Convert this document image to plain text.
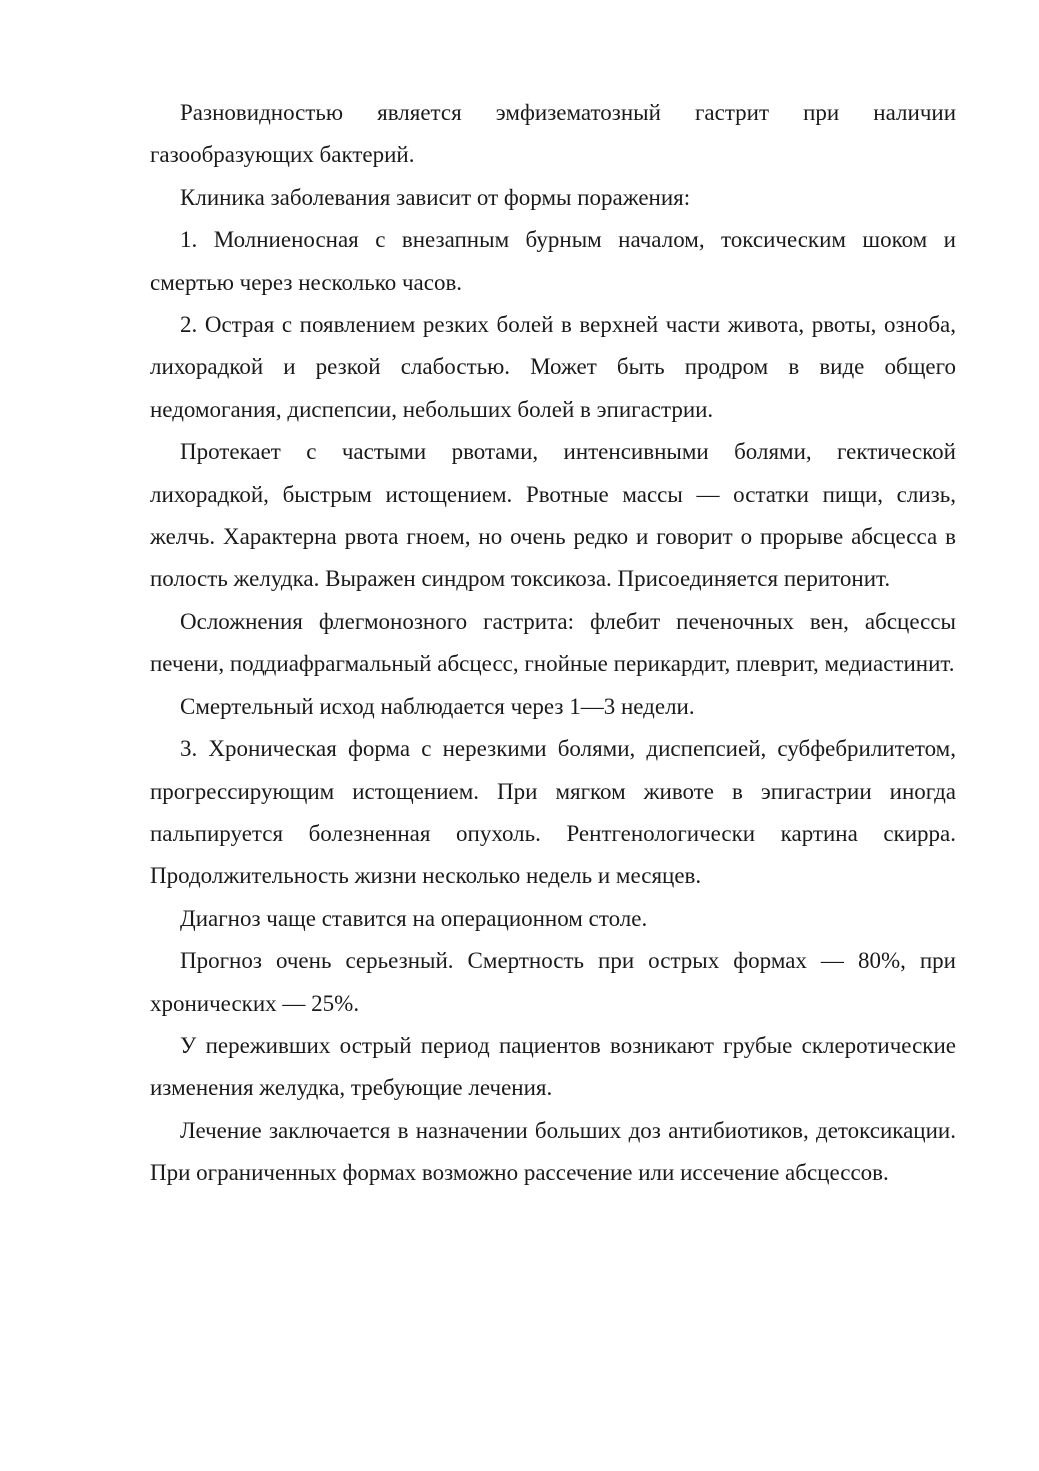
Разновидностью является эмфизематозный гастрит при наличии газообразующих бактерий.

Клиника заболевания зависит от формы поражения:

1. Молниеносная с внезапным бурным началом, токсическим шоком и смертью через несколько часов.

2. Острая с появлением резких болей в верхней части живота, рвоты, озноба, лихорадкой и резкой слабостью. Может быть продром в виде общего недомогания, диспепсии, небольших болей в эпигастрии.

Протекает с частыми рвотами, интенсивными болями, гектической лихорадкой, быстрым истощением. Рвотные массы — остатки пищи, слизь, желчь. Характерна рвота гноем, но очень редко и говорит о прорыве абсцесса в полость желудка. Выражен синдром токсикоза. Присоединяется перитонит.

Осложнения флегмонозного гастрита: флебит печеночных вен, абсцессы печени, поддиафрагмальный абсцесс, гнойные перикардит, плеврит, медиастинит.

Смертельный исход наблюдается через 1—3 недели.

3. Хроническая форма с нерезкими болями, диспепсией, субфебрилитетом, прогрессирующим истощением. При мягком животе в эпигастрии иногда пальпируется болезненная опухоль. Рентгенологически картина скирра. Продолжительность жизни несколько недель и месяцев.

Диагноз чаще ставится на операционном столе.

Прогноз очень серьезный. Смертность при острых формах — 80%, при хронических — 25%.

У переживших острый период пациентов возникают грубые склеротические изменения желудка, требующие лечения.

Лечение заключается в назначении больших доз антибиотиков, детоксикации. При ограниченных формах возможно рассечение или иссечение абсцессов.
